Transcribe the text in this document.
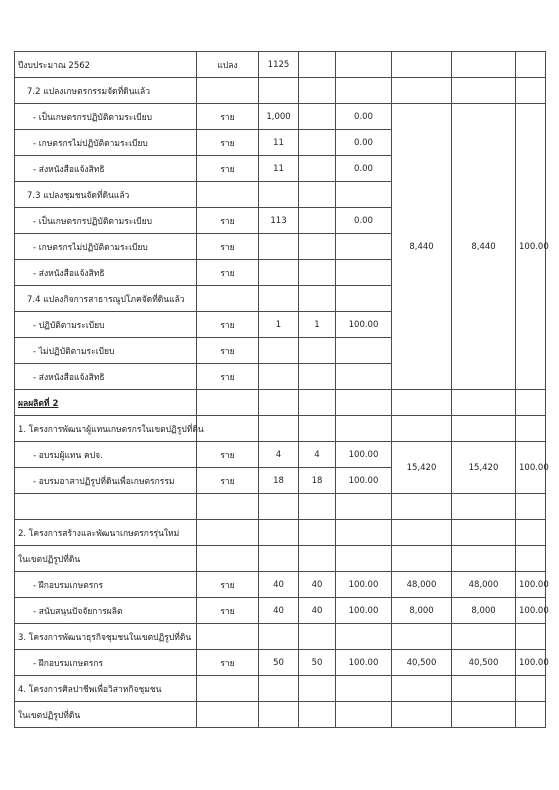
ปีงบประมาณ 2562	แปลง	1125					
7.2 แปลงเกษตรกรรมจัดที่ดินแล้ว							
- เป็นเกษตรกรปฏิบัติตามระเบียบ	ราย	1,000		0.00	8,440	8,440	100.00
- เกษตรกรไม่ปฏิบัติตามระเบียบ	ราย	11		0.00			
- ส่งหนังสือแจ้งสิทธิ	ราย	11		0.00			
7.3 แปลงชุมชนจัดที่ดินแล้ว							
- เป็นเกษตรกรปฏิบัติตามระเบียบ	ราย	113		0.00			
- เกษตรกรไม่ปฏิบัติตามระเบียบ	ราย						
- ส่งหนังสือแจ้งสิทธิ	ราย						
7.4 แปลงกิจการสาธารณูปโภคจัดที่ดินแล้ว							
- ปฏิบัติตามระเบียบ	ราย	1	1	100.00			
- ไม่ปฏิบัติตามระเบียบ	ราย						
- ส่งหนังสือแจ้งสิทธิ	ราย						
ผลผลิตที่ 2							
1. โครงการพัฒนาผู้แทนเกษตรกรในเขตปฏิรูปที่ดิน							
- อบรมผู้แทน คปจ.	ราย	4	4	100.00	15,420	15,420	100.00
- อบรมอาสาปฏิรูปที่ดินเพื่อเกษตรกรรม	ราย	18	18	100.00			

2. โครงการสร้างและพัฒนาเกษตรกรรุ่นใหม่							
ในเขตปฏิรูปที่ดิน							
- ฝึกอบรมเกษตรกร	ราย	40	40	100.00	48,000	48,000	100.00
- สนับสนุนปัจจัยการผลิต	ราย	40	40	100.00	8,000	8,000	100.00
3. โครงการพัฒนาธุรกิจชุมชนในเขตปฏิรูปที่ดิน							
- ฝึกอบรมเกษตรกร	ราย	50	50	100.00	40,500	40,500	100.00
4. โครงการศิลปาชีพเพื่อวิสาหกิจชุมชน							
ในเขตปฏิรูปที่ดิน							
